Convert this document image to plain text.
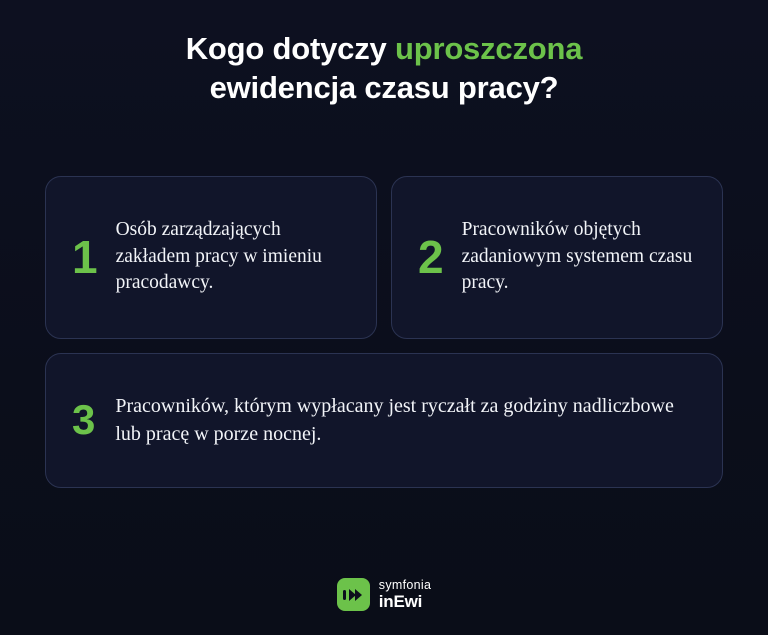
Kogo dotyczy uproszczona
ewidencja czasu pracy?
1
Osób zarządzających zakładem pracy w imieniu pracodawcy.	2
Pracowników objętych zadaniowym systemem czasu pracy.
3 Pracowników, którym wypłacany jest ryczałt za godziny nadliczbowe lub pracę w porze nocnej.
symfonia
inEwi
